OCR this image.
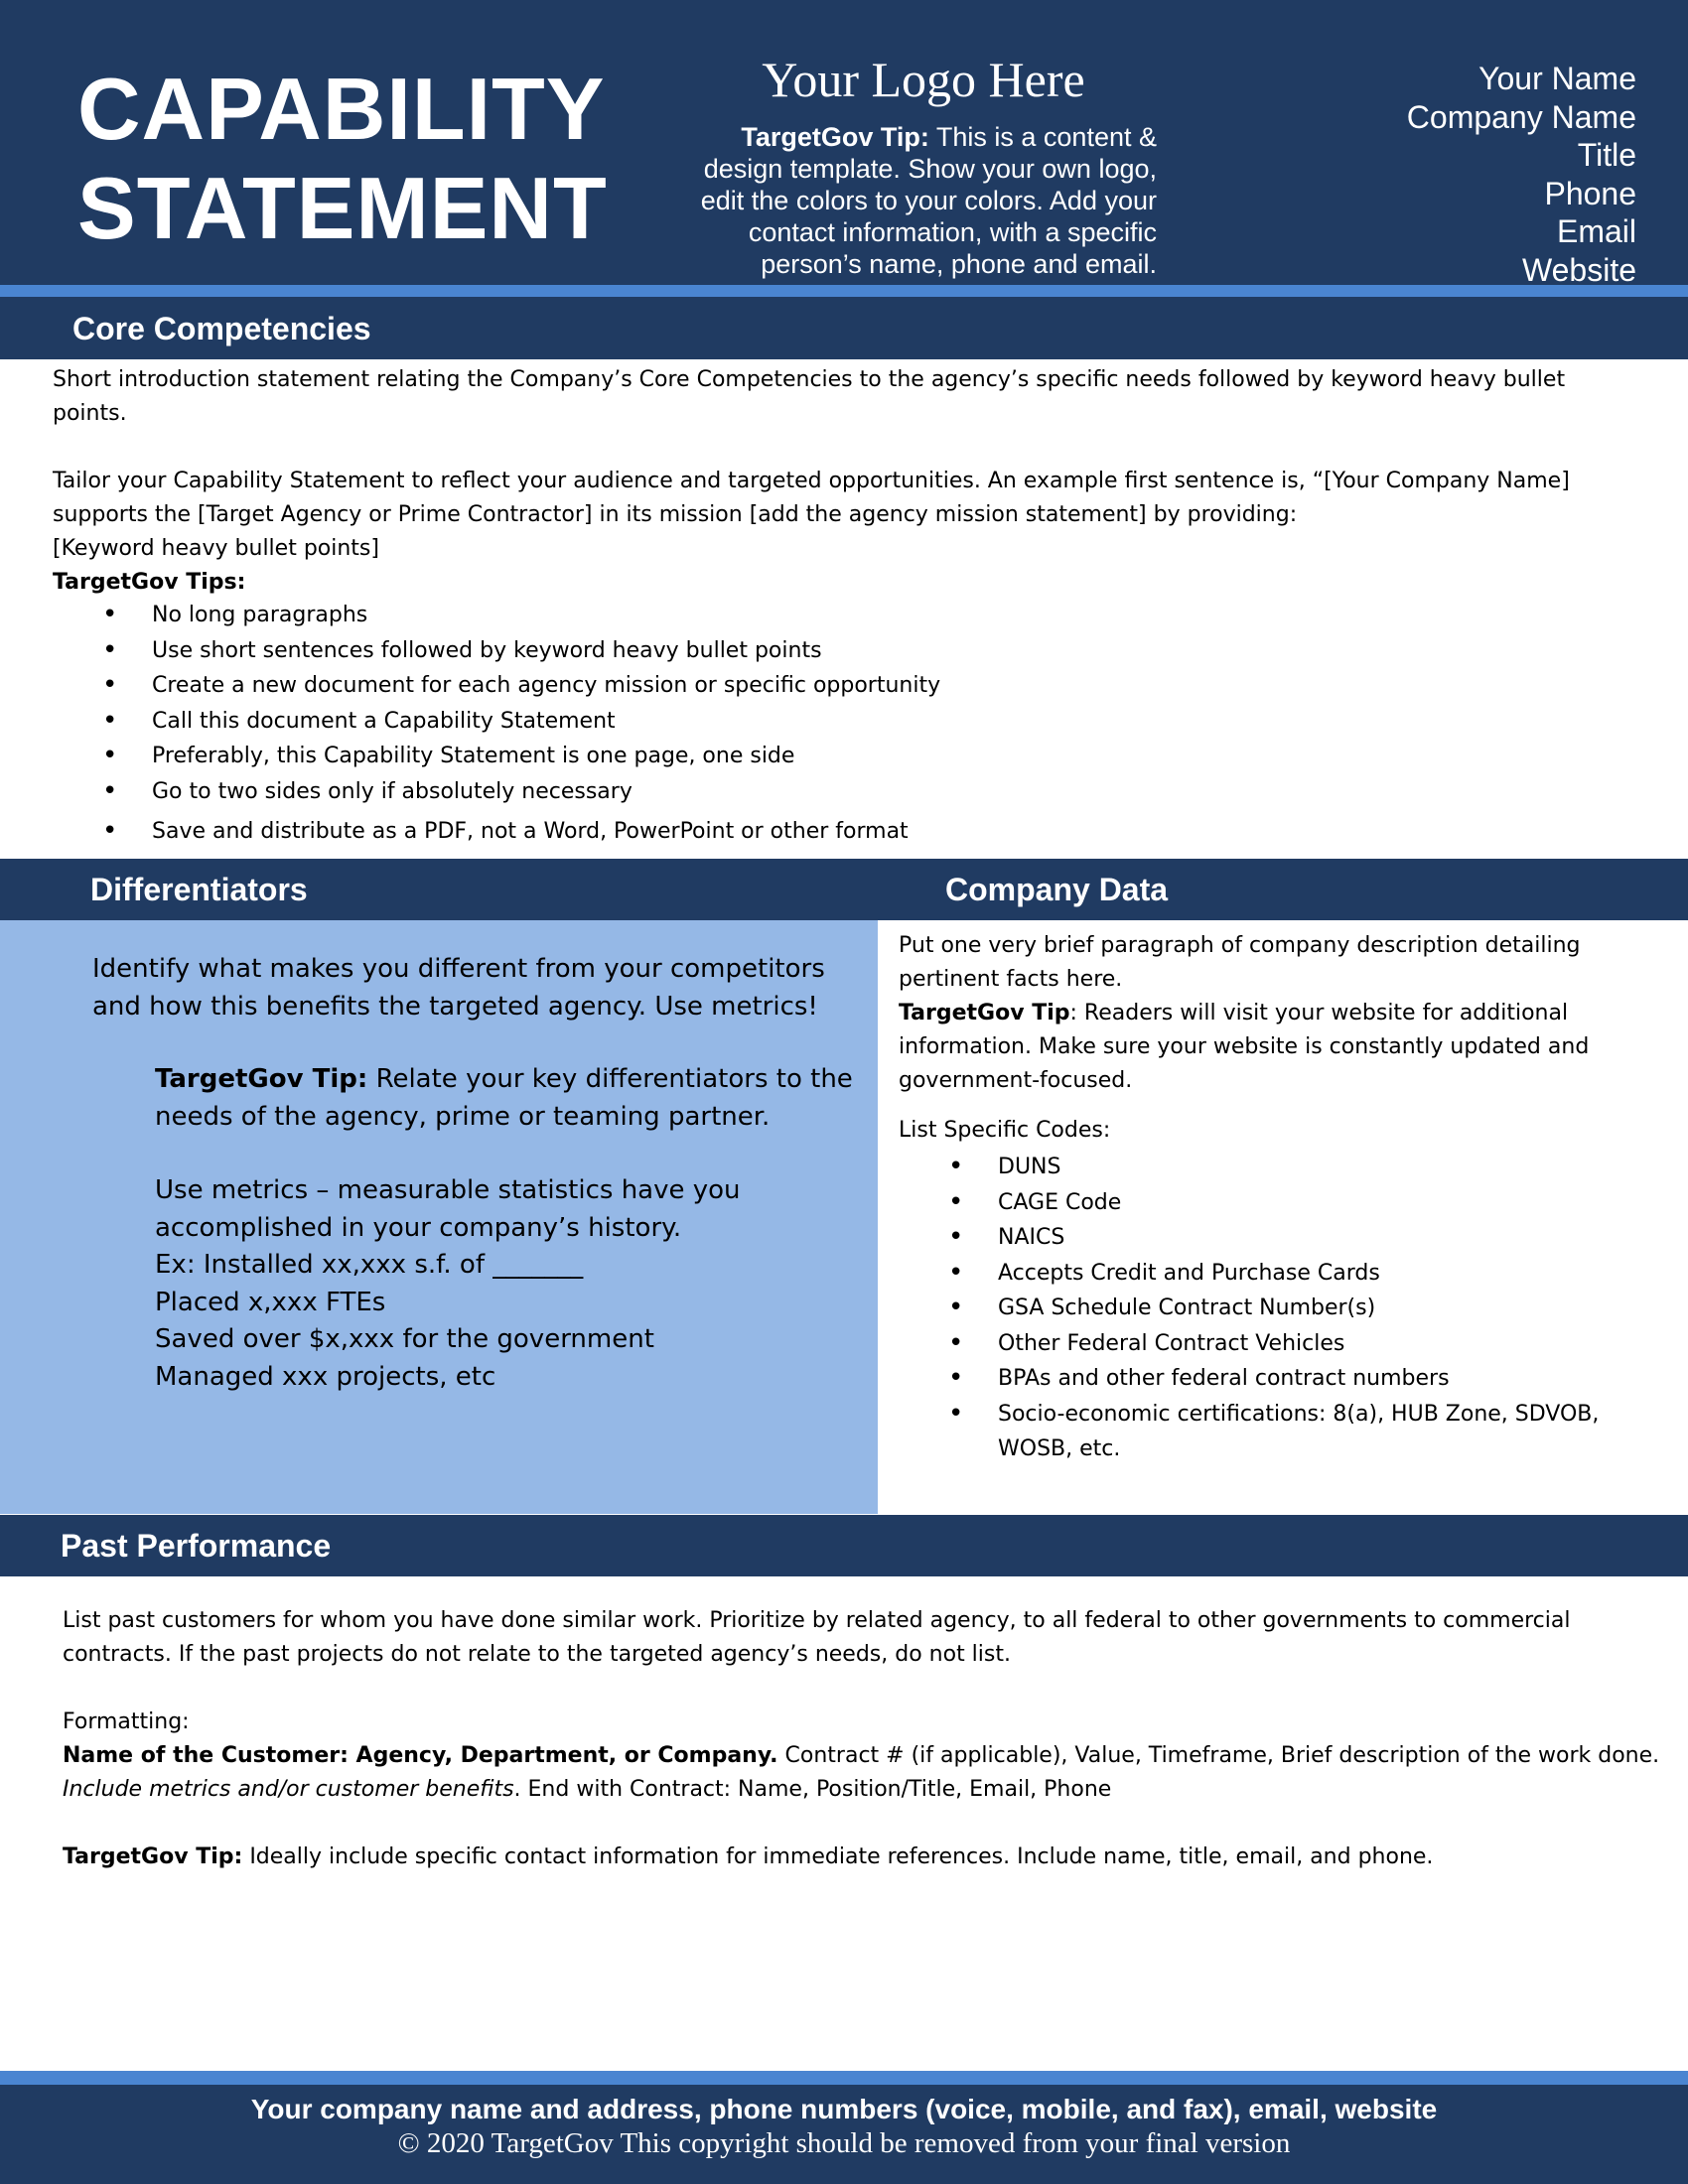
CAPABILITY
STATEMENT
Your Logo Here
TargetGov Tip: This is a content & design template. Show your own logo, edit the colors to your colors. Add your contact information, with a specific person’s name, phone and email.
Your Name
Company Name
Title
Phone
Email
Website
Core Competencies
Short introduction statement relating the Company’s Core Competencies to the agency’s specific needs followed by keyword heavy bullet
points.
Tailor your Capability Statement to reflect your audience and targeted opportunities. An example first sentence is, “[Your Company Name]
supports the [Target Agency or Prime Contractor] in its mission [add the agency mission statement] by providing:
[Keyword heavy bullet points]
TargetGov Tips:
• No long paragraphs
• Use short sentences followed by keyword heavy bullet points
• Create a new document for each agency mission or specific opportunity
• Call this document a Capability Statement
• Preferably, this Capability Statement is one page, one side
• Go to two sides only if absolutely necessary
• Save and distribute as a PDF, not a Word, PowerPoint or other format
Differentiators	Company Data
Identify what makes you different from your competitors
and how this benefits the targeted agency. Use metrics!
TargetGov Tip: Relate your key differentiators to the
needs of the agency, prime or teaming partner.
Use metrics – measurable statistics have you
accomplished in your company’s history.
Ex: Installed xx,xxx s.f. of _______
Placed x,xxx FTEs
Saved over $x,xxx for the government
Managed xxx projects, etc
Put one very brief paragraph of company description detailing
pertinent facts here.
TargetGov Tip: Readers will visit your website for additional
information. Make sure your website is constantly updated and
government-focused.
List Specific Codes:
• DUNS
• CAGE Code
• NAICS
• Accepts Credit and Purchase Cards
• GSA Schedule Contract Number(s)
• Other Federal Contract Vehicles
• BPAs and other federal contract numbers
• Socio-economic certifications: 8(a), HUB Zone, SDVOB,
WOSB, etc.
Past Performance
List past customers for whom you have done similar work. Prioritize by related agency, to all federal to other governments to commercial
contracts. If the past projects do not relate to the targeted agency’s needs, do not list.
Formatting:
Name of the Customer: Agency, Department, or Company. Contract # (if applicable), Value, Timeframe, Brief description of the work done.
Include metrics and/or customer benefits. End with Contract: Name, Position/Title, Email, Phone
TargetGov Tip: Ideally include specific contact information for immediate references. Include name, title, email, and phone.
Your company name and address, phone numbers (voice, mobile, and fax), email, website
© 2020 TargetGov This copyright should be removed from your final version
